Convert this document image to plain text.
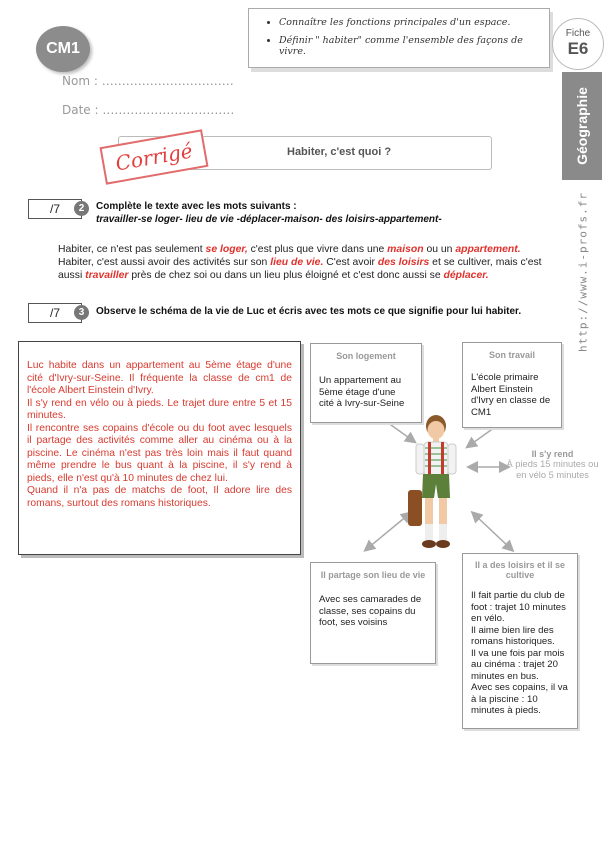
CM1
• Connaître les fonctions principales d'un espace.
• Définir " habiter" comme l'ensemble des façons de vivre.
Fiche
E6
Géographie
http://www.i-profs.fr
Nom : ……………………………
Date : ……………………………
Habiter, c'est quoi ?
Corrigé
/7	2	Complète le texte avec les mots suivants :
travailler-se loger- lieu de vie -déplacer-maison- des loisirs-appartement-
Habiter, ce n'est pas seulement se loger, c'est plus que vivre dans une maison ou un appartement.
Habiter, c'est aussi avoir des activités sur son lieu de vie. C'est avoir des loisirs et se cultiver, mais c'est aussi travailler près de chez soi ou dans un lieu plus éloigné et c'est donc aussi se déplacer.
/7	3	Observe le schéma de la vie de Luc et écris avec tes mots ce que signifie pour lui habiter.

Luc habite dans un appartement au 5ème étage d'une cité d'Ivry-sur-Seine. Il fréquente la classe de cm1 de l'école Albert Einstein d'Ivry.

Il s'y rend en vélo ou à pieds. Le trajet dure entre 5 et 15 minutes.

Il rencontre ses copains d'école ou du foot avec lesquels il partage des activités comme aller au cinéma ou à la piscine. Le cinéma n'est pas très loin mais il faut quand même prendre le bus quant à la piscine, il s'y rend à pieds, elle n'est qu'à 10 minutes de chez lui.

Quand il n'a pas de matchs de foot, Il adore lire des romans, surtout des romans historiques.

Son logement
Un appartement au 5ème étage d'une cité à Ivry-sur-Seine
Son travail
L'école primaire Albert Einstein d'Ivry en classe de CM1
Il s'y rend
À pieds 15 minutes ou en vélo 5 minutes
Il partage son lieu de vie
Avec ses camarades de classe, ses copains du foot, ses voisins
Il a des loisirs et il se cultive
Il fait partie du club de foot : trajet 10 minutes en vélo.
Il aime bien lire des romans historiques.
Il va une fois par mois au cinéma : trajet 20 minutes en bus.
Avec ses copains, il va à la piscine : 10 minutes à pieds.
